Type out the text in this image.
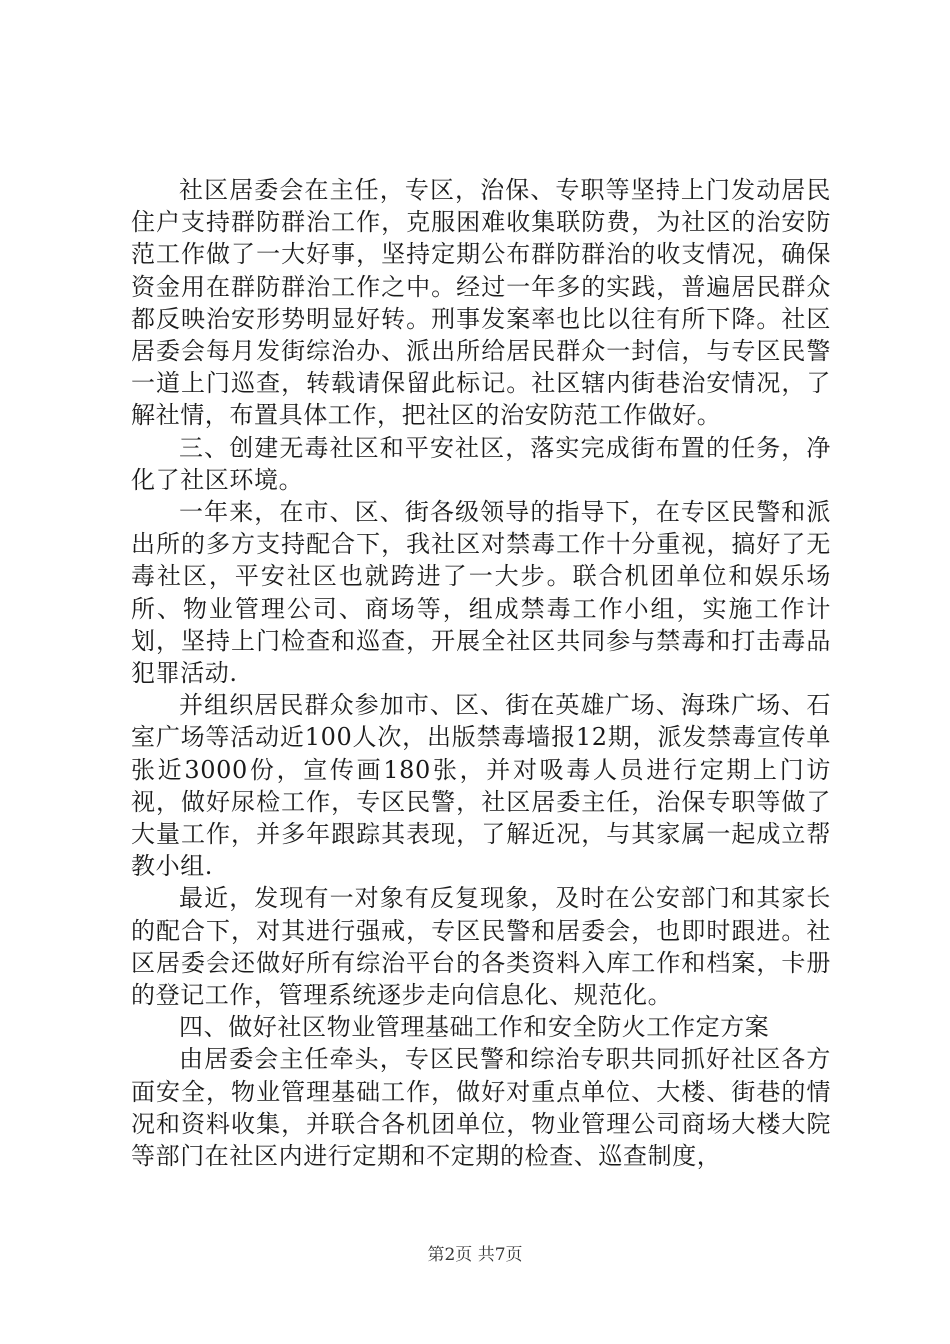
社区居委会在主任，专区，治保、专职等坚持上门发动居民住户支持群防群治工作，克服困难收集联防费，为社区的治安防范工作做了一大好事，坚持定期公布群防群治的收支情况，确保资金用在群防群治工作之中。经过一年多的实践，普遍居民群众都反映治安形势明显好转。刑事发案率也比以往有所下降。社区居委会每月发街综治办、派出所给居民群众一封信，与专区民警一道上门巡查，转载请保留此标记。社区辖内街巷治安情况，了解社情，布置具体工作，把社区的治安防范工作做好。

三、创建无毒社区和平安社区，落实完成街布置的任务，净化了社区环境。

一年来，在市、区、街各级领导的指导下，在专区民警和派出所的多方支持配合下，我社区对禁毒工作十分重视，搞好了无毒社区，平安社区也就跨进了一大步。联合机团单位和娱乐场所、物业管理公司、商场等，组成禁毒工作小组，实施工作计划，坚持上门检查和巡查，开展全社区共同参与禁毒和打击毒品犯罪活动.

并组织居民群众参加市、区、街在英雄广场、海珠广场、石室广场等活动近100人次，出版禁毒墙报12期，派发禁毒宣传单张近3000份，宣传画180张，并对吸毒人员进行定期上门访视，做好尿检工作，专区民警，社区居委主任，治保专职等做了大量工作，并多年跟踪其表现，了解近况，与其家属一起成立帮教小组.

最近，发现有一对象有反复现象，及时在公安部门和其家长的配合下，对其进行强戒，专区民警和居委会，也即时跟进。社区居委会还做好所有综治平台的各类资料入库工作和档案，卡册的登记工作，管理系统逐步走向信息化、规范化。

四、做好社区物业管理基础工作和安全防火工作定方案

由居委会主任牵头，专区民警和综治专职共同抓好社区各方面安全，物业管理基础工作，做好对重点单位、大楼、街巷的情况和资料收集，并联合各机团单位，物业管理公司商场大楼大院等部门在社区内进行定期和不定期的检查、巡查制度，

第2页 共7页
